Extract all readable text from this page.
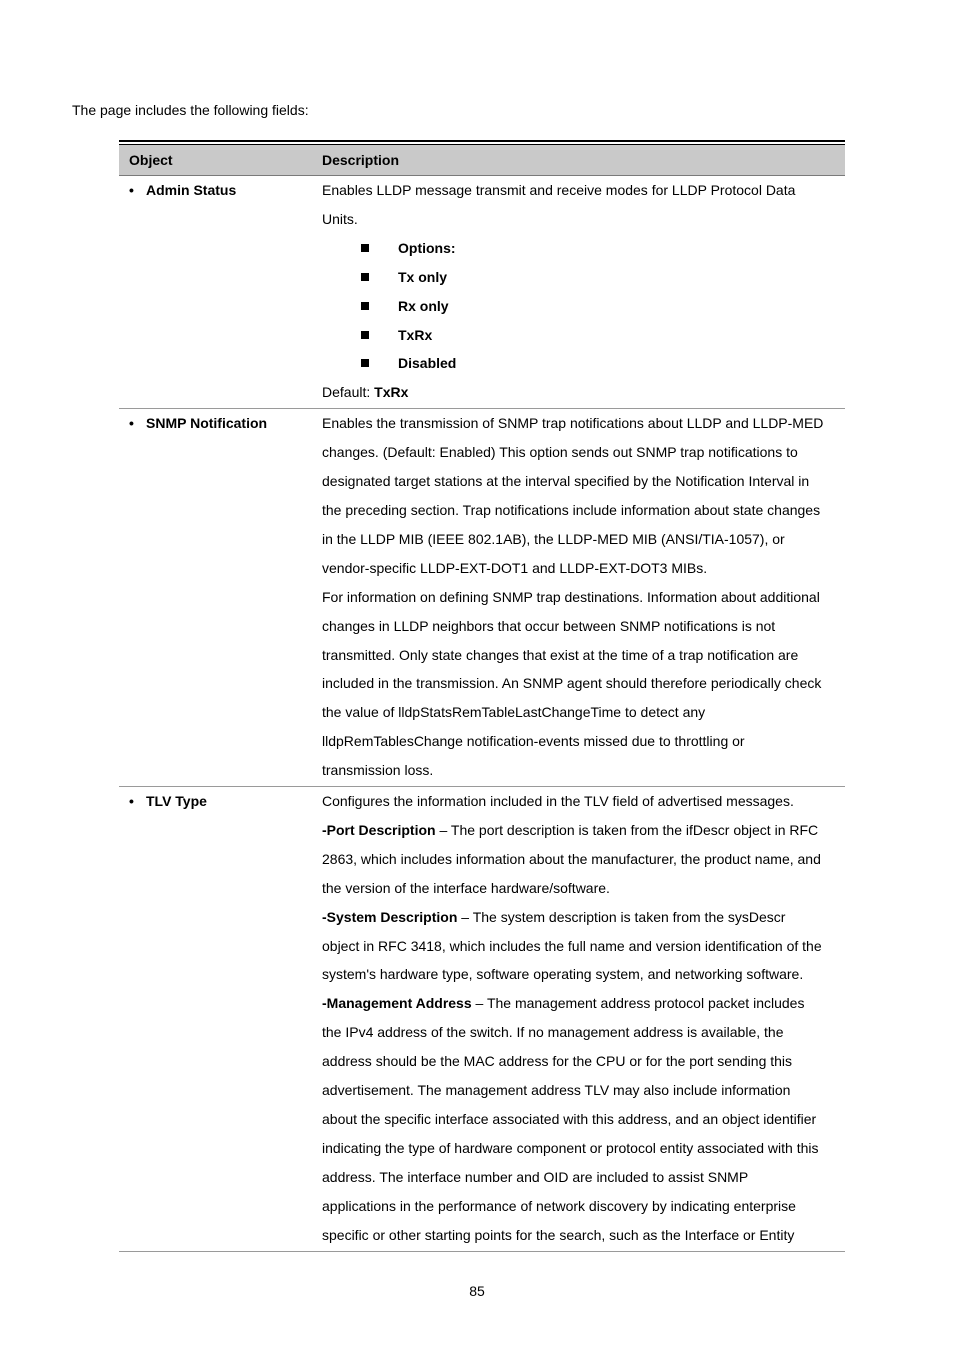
The page includes the following fields:
Object	Description
• Admin Status	Enables LLDP message transmit and receive modes for LLDP Protocol Data
Units.
Options:
Tx only
Rx only
TxRx
Disabled
Default: TxRx
• SNMP Notification	Enables the transmission of SNMP trap notifications about LLDP and LLDP-MED
changes. (Default: Enabled) This option sends out SNMP trap notifications to
designated target stations at the interval specified by the Notification Interval in
the preceding section. Trap notifications include information about state changes
in the LLDP MIB (IEEE 802.1AB), the LLDP-MED MIB (ANSI/TIA-1057), or
vendor-specific LLDP-EXT-DOT1 and LLDP-EXT-DOT3 MIBs.
For information on defining SNMP trap destinations. Information about additional
changes in LLDP neighbors that occur between SNMP notifications is not
transmitted. Only state changes that exist at the time of a trap notification are
included in the transmission. An SNMP agent should therefore periodically check
the value of lldpStatsRemTableLastChangeTime to detect any
lldpRemTablesChange notification-events missed due to throttling or
transmission loss.
• TLV Type	Configures the information included in the TLV field of advertised messages.
-Port Description – The port description is taken from the ifDescr object in RFC
2863, which includes information about the manufacturer, the product name, and
the version of the interface hardware/software.
-System Description – The system description is taken from the sysDescr
object in RFC 3418, which includes the full name and version identification of the
system's hardware type, software operating system, and networking software.
-Management Address – The management address protocol packet includes
the IPv4 address of the switch. If no management address is available, the
address should be the MAC address for the CPU or for the port sending this
advertisement. The management address TLV may also include information
about the specific interface associated with this address, and an object identifier
indicating the type of hardware component or protocol entity associated with this
address. The interface number and OID are included to assist SNMP
applications in the performance of network discovery by indicating enterprise
specific or other starting points for the search, such as the Interface or Entity
85
